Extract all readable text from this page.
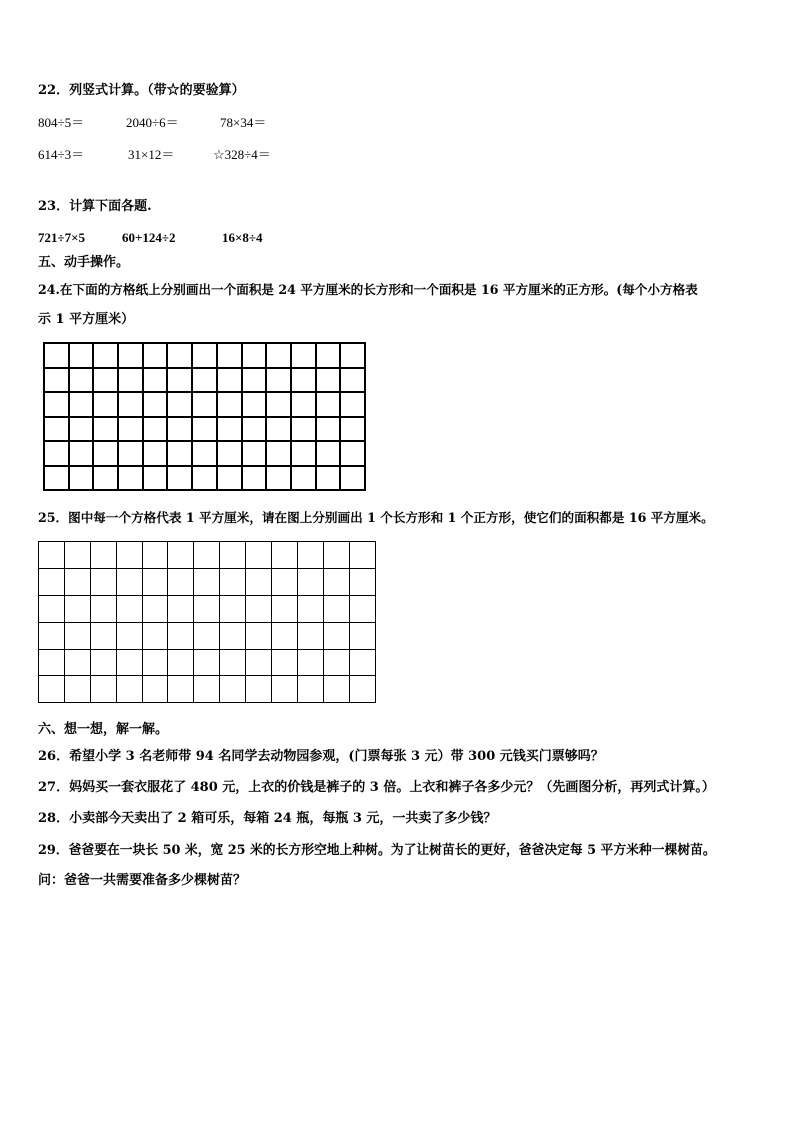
22．列竖式计算。（带☆的要验算）
804÷5＝	2040÷6＝	78×34＝
614÷3＝	31×12＝	☆328÷4＝
23．计算下面各题.
721÷7×5	60+124÷2	16×8÷4
五、动手操作。
24.在下面的方格纸上分别画出一个面积是 24 平方厘米的长方形和一个面积是 16 平方厘米的正方形。(每个小方格表
示 1 平方厘米）

25．图中每一个方格代表 1 平方厘米，请在图上分别画出 1 个长方形和 1 个正方形，使它们的面积都是 16 平方厘米。

六、想一想，解一解。
26．希望小学 3 名老师带 94 名同学去动物园参观，(门票每张 3 元）带 300 元钱买门票够吗？
27．妈妈买一套衣服花了 480 元，上衣的价钱是裤子的 3 倍。上衣和裤子各多少元？（先画图分析，再列式计算。）
28．小卖部今天卖出了 2 箱可乐，每箱 24 瓶，每瓶 3 元，一共卖了多少钱？
29．爸爸要在一块长 50 米，宽 25 米的长方形空地上种树。为了让树苗长的更好，爸爸决定每 5 平方米种一棵树苗。
问：爸爸一共需要准备多少棵树苗？
